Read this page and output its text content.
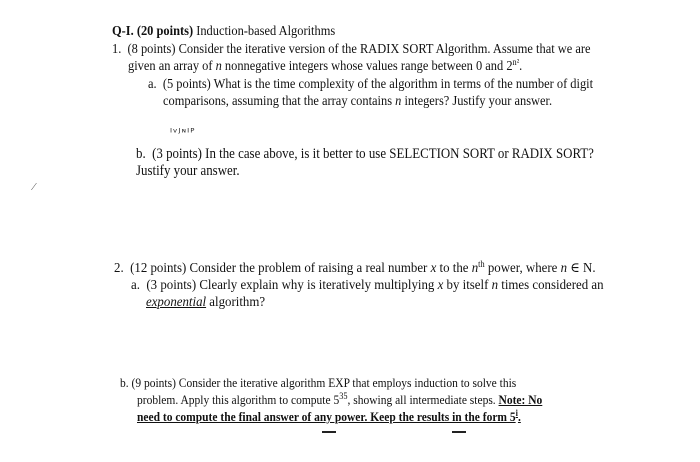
Q-I. (20 points) Induction-based Algorithms
1. (8 points) Consider the iterative version of the RADIX SORT Algorithm. Assume that we are
given an array of n nonnegative integers whose values range between 0 and $2^{n^2}$.
a. (5 points) What is the time complexity of the algorithm in terms of the number of digit
comparisons, assuming that the array contains n integers? Justify your answer.
ᴵᵛᴶᶰᴵᴾ
b. (3 points) In the case above, is it better to use SELECTION SORT or RADIX SORT?
Justify your answer.
⁄
2. (12 points) Consider the problem of raising a real number x to the $n^{th}$ power, where n ∈ N.
a. (3 points) Clearly explain why is iteratively multiplying x by itself n times considered an
exponential algorithm?
b. (9 points) Consider the iterative algorithm EXP that employs induction to solve this
problem. Apply this algorithm to compute $5^{35}$, showing all intermediate steps. Note: No
need to compute the final answer of any power. Keep the results in the form 5$^i$.
